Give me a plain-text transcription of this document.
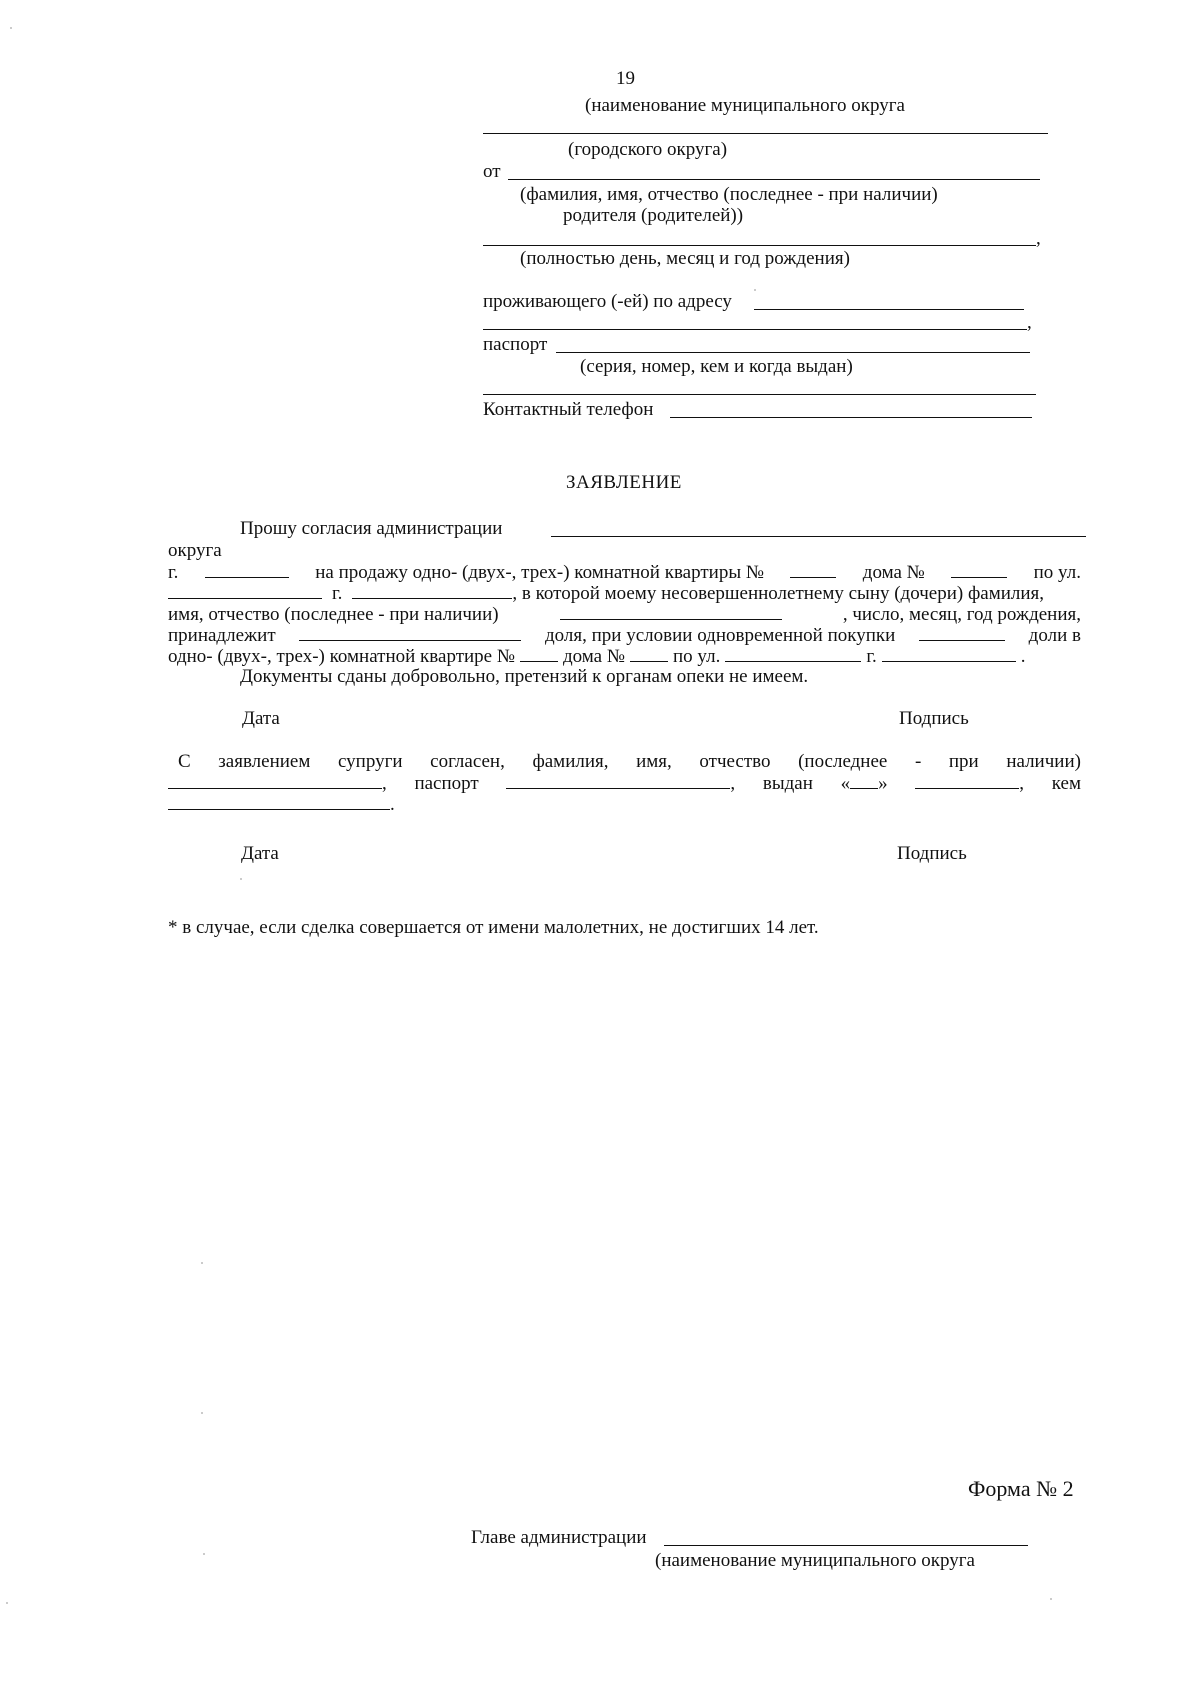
19
(наименование муниципального округа
(городского округа)
от
(фамилия, имя, отчество (последнее - при наличии)
родителя (родителей))
,
(полностью день, месяц и год рождения)
проживающего (-ей) по адресу
,
паспорт
(серия, номер, кем и когда выдан)
Контактный телефон
ЗАЯВЛЕНИЕ
Прошу согласия администрации
округа
г.	на продажу одно- (двух-, трех-) комнатной квартиры №	дома №	по ул.
г.	, в которой моему несовершеннолетнему сыну (дочери) фамилия,
имя, отчество (последнее - при наличии)	, число, месяц, год рождения,
принадлежит	доля, при условии одновременной покупки	доли в
одно- (двух-, трех-) комнатной квартире №	дома №	по ул.	г.	.
Документы сданы добровольно, претензий к органам опеки не имеем.
Дата	Подпись
С заявлением супруги согласен, фамилия, имя, отчество (последнее - при наличии)
, паспорт	, выдан « »	, кем
.
Дата	Подпись
* в случае, если сделка совершается от имени малолетних, не достигших 14 лет.
Форма № 2
Главе администрации
(наименование муниципального округа
